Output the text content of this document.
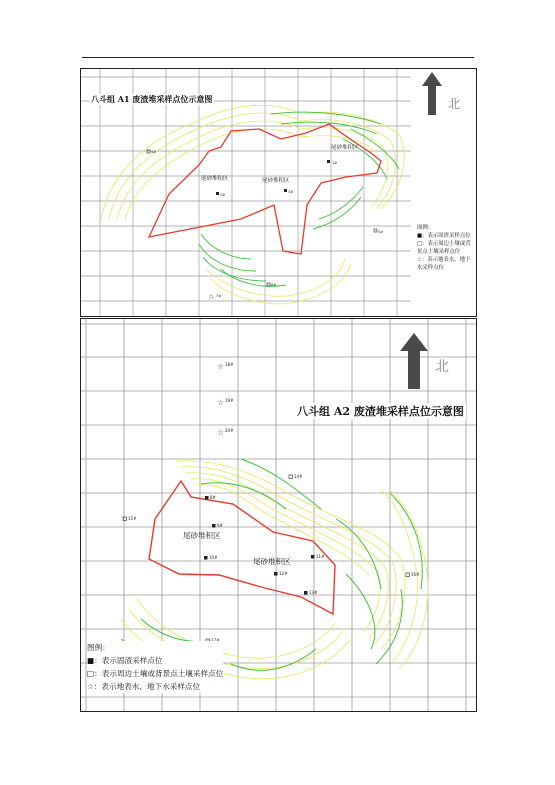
☆
尾砂堆积区
尾砂堆积区	尾砂堆积区
1#
2#
3#
4#
5#
6#
7#
八斗组 A1 废渣堆采样点位示意图	北
图例：
■：表示固渣采样点位
□：表示周边土壤或背景点土壤采样点位
☆：表示地表水、地下水采样点位
☆
☆
☆
尾砂堆积区
尾砂堆积区
8#
9#
10#	11#
12#
13#
14#
15#
16#
18#
19#
20#
八斗组 A2 废渣堆采样点位示意图
北
图例：
■：表示固渣采样点位
□：表示周边土壤或背景点土壤采样点位
☆：表示地表水、地下水采样点位
